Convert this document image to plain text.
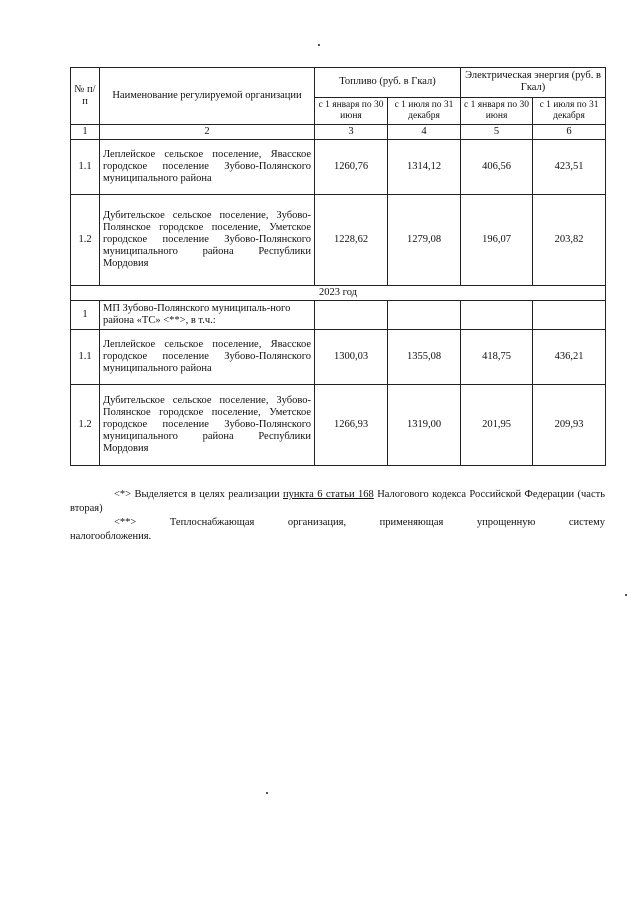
№ п/п	Наименование регулируемой организации	Топливо (руб. в Гкал)		Электрическая энергия (руб. в Гкал)	
		с 1 января по 30 июня	с 1 июля по 31 декабря	с 1 января по 30 июня	с 1 июля по 31 декабря
1	2	3	4	5	6
1.1	Леплейское сельское поселение, Явасское городское поселение Зубово-Полянского муниципального района	1260,76	1314,12	406,56	423,51
1.2	Дубительское сельское поселение, Зубово-Полянское городское поселение, Уметское городское поселение Зубово-Полянского муниципального района Республики Мордовия	1228,62	1279,08	196,07	203,82
2023 год					
1	МП Зубово-Полянского муниципаль-ного района «ТС» <**>, в т.ч.:				
1.1	Леплейское сельское поселение, Явасское городское поселение Зубово-Полянского муниципального района	1300,03	1355,08	418,75	436,21
1.2	Дубительское сельское поселение, Зубово-Полянское городское поселение, Уметское городское поселение Зубово-Полянского муниципального района Республики Мордовия	1266,93	1319,00	201,95	209,93

<*> Выделяется в целях реализации пункта 6 статьи 168 Налогового кодекса Российской Федерации (часть вторая)

<**> Теплоснабжающая организация, применяющая упрощенную систему

налогообложения.
